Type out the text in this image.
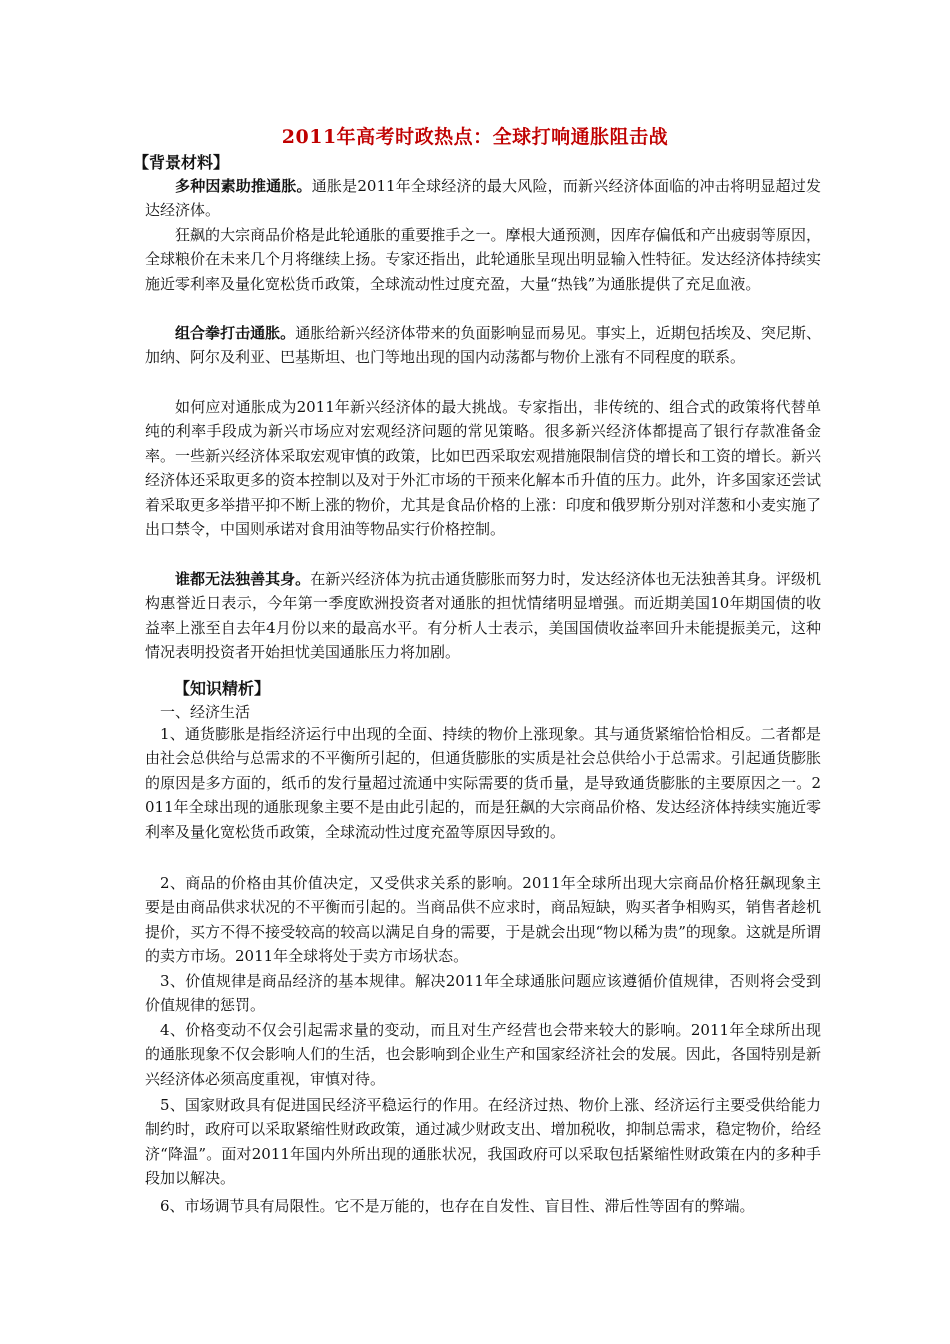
2011年高考时政热点：全球打响通胀阻击战
【背景材料】

多种因素助推通胀。通胀是2011年全球经济的最大风险，而新兴经济体面临的冲击将明显超过发达经济体。

狂飙的大宗商品价格是此轮通胀的重要推手之一。摩根大通预测，因库存偏低和产出疲弱等原因，全球粮价在未来几个月将继续上扬。专家还指出，此轮通胀呈现出明显输入性特征。发达经济体持续实施近零利率及量化宽松货币政策，全球流动性过度充盈，大量“热钱”为通胀提供了充足血液。

组合拳打击通胀。通胀给新兴经济体带来的负面影响显而易见。事实上，近期包括埃及、突尼斯、加纳、阿尔及利亚、巴基斯坦、也门等地出现的国内动荡都与物价上涨有不同程度的联系。

如何应对通胀成为2011年新兴经济体的最大挑战。专家指出，非传统的、组合式的政策将代替单纯的利率手段成为新兴市场应对宏观经济问题的常见策略。很多新兴经济体都提高了银行存款准备金率。一些新兴经济体采取宏观审慎的政策，比如巴西采取宏观措施限制信贷的增长和工资的增长。新兴经济体还采取更多的资本控制以及对于外汇市场的干预来化解本币升值的压力。此外，许多国家还尝试着采取更多举措平抑不断上涨的物价，尤其是食品价格的上涨：印度和俄罗斯分别对洋葱和小麦实施了出口禁令，中国则承诺对食用油等物品实行价格控制。

谁都无法独善其身。在新兴经济体为抗击通货膨胀而努力时，发达经济体也无法独善其身。评级机构惠誉近日表示，今年第一季度欧洲投资者对通胀的担忧情绪明显增强。而近期美国10年期国债的收益率上涨至自去年4月份以来的最高水平。有分析人士表示，美国国债收益率回升未能提振美元，这种情况表明投资者开始担忧美国通胀压力将加剧。

【知识精析】
一、经济生活

1、通货膨胀是指经济运行中出现的全面、持续的物价上涨现象。其与通货紧缩恰恰相反。二者都是由社会总供给与总需求的不平衡所引起的，但通货膨胀的实质是社会总供给小于总需求。引起通货膨胀的原因是多方面的，纸币的发行量超过流通中实际需要的货币量，是导致通货膨胀的主要原因之一。2011年全球出现的通胀现象主要不是由此引起的，而是狂飙的大宗商品价格、发达经济体持续实施近零利率及量化宽松货币政策，全球流动性过度充盈等原因导致的。

2、商品的价格由其价值决定，又受供求关系的影响。2011年全球所出现大宗商品价格狂飙现象主要是由商品供求状况的不平衡而引起的。当商品供不应求时，商品短缺，购买者争相购买，销售者趁机提价，买方不得不接受较高的较高以满足自身的需要，于是就会出现“物以稀为贵”的现象。这就是所谓的卖方市场。2011年全球将处于卖方市场状态。

3、价值规律是商品经济的基本规律。解决2011年全球通胀问题应该遵循价值规律，否则将会受到价值规律的惩罚。

4、价格变动不仅会引起需求量的变动，而且对生产经营也会带来较大的影响。2011年全球所出现的通胀现象不仅会影响人们的生活，也会影响到企业生产和国家经济社会的发展。因此，各国特别是新兴经济体必须高度重视，审慎对待。

5、国家财政具有促进国民经济平稳运行的作用。在经济过热、物价上涨、经济运行主要受供给能力制约时，政府可以采取紧缩性财政政策，通过减少财政支出、增加税收，抑制总需求，稳定物价，给经济“降温”。面对2011年国内外所出现的通胀状况，我国政府可以采取包括紧缩性财政策在内的多种手段加以解决。

6、市场调节具有局限性。它不是万能的，也存在自发性、盲目性、滞后性等固有的弊端。
